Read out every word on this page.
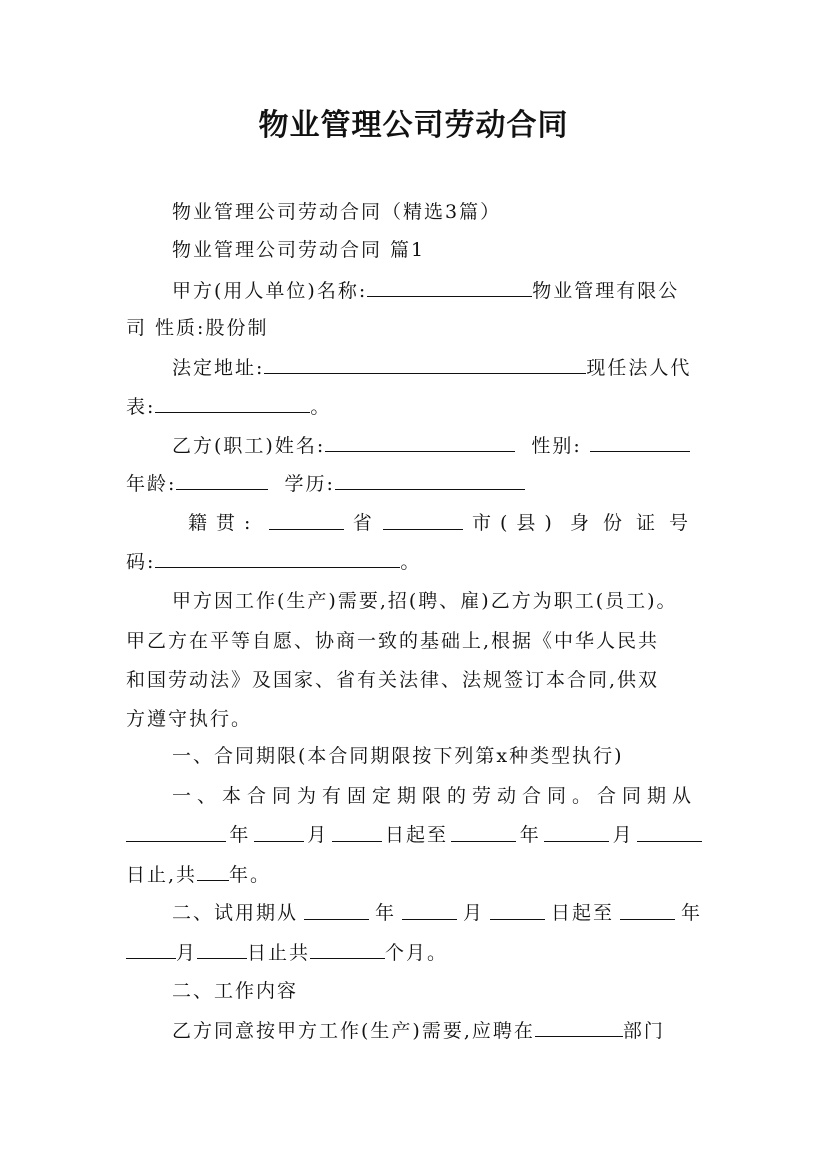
物业管理公司劳动合同
物业管理公司劳动合同（精选3篇）
物业管理公司劳动合同 篇1
甲方(用人单位)名称:	物业管理有限公
司 性质:股份制
法定地址:	现任法人代
表:	。
乙方(职工)姓名:	性别:
年龄:	学历:
籍贯:	省	市(县) 身份证号
码:	。
甲方因工作(生产)需要,招(聘、雇)乙方为职工(员工)。
甲乙方在平等自愿、协商一致的基础上,根据《中华人民共
和国劳动法》及国家、省有关法律、法规签订本合同,供双
方遵守执行。
一、合同期限(本合同期限按下列第x种类型执行)
一、本合同为有固定期限的劳动合同。合同期从
年	月	日起至	年	月
日止,共 年。
二、试用期从	年	月	日起至	年
月	日止共	个月。
二、工作内容
乙方同意按甲方工作(生产)需要,应聘在	部门
